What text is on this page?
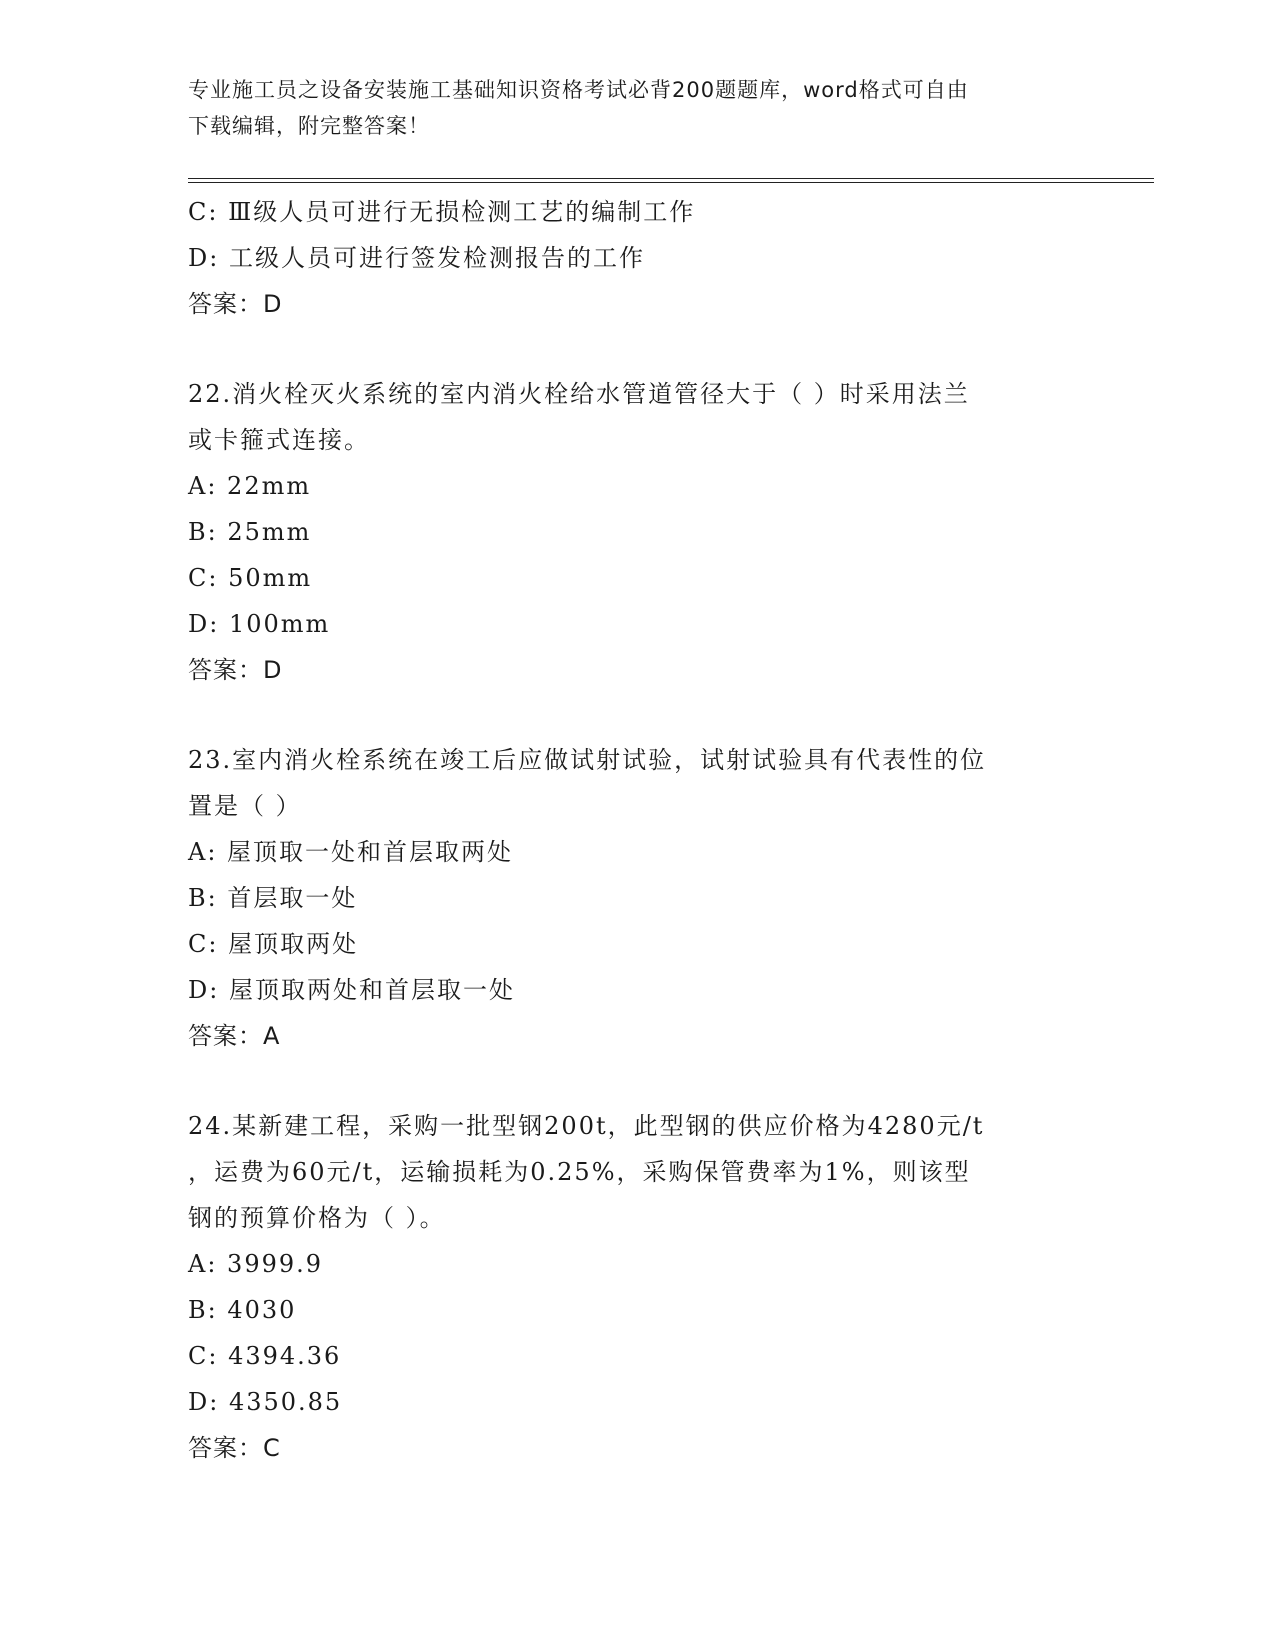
专业施工员之设备安装施工基础知识资格考试必背200题题库，word格式可自由
下载编辑，附完整答案！
C: Ⅲ级人员可进行无损检测工艺的编制工作
D: 工级人员可进行签发检测报告的工作
答案：D
22.消火栓灭火系统的室内消火栓给水管道管径大于（ ）时采用法兰
或卡箍式连接。
A: 22mm
B: 25mm
C: 50mm
D: 100mm
答案：D
23.室内消火栓系统在竣工后应做试射试验，试射试验具有代表性的位
置是（ ）
A: 屋顶取一处和首层取两处
B: 首层取一处
C: 屋顶取两处
D: 屋顶取两处和首层取一处
答案：A
24.某新建工程，采购一批型钢200t，此型钢的供应价格为4280元/t
，运费为60元/t，运输损耗为0.25%，采购保管费率为1%，则该型
钢的预算价格为（ ）。
A: 3999.9
B: 4030
C: 4394.36
D: 4350.85
答案：C
